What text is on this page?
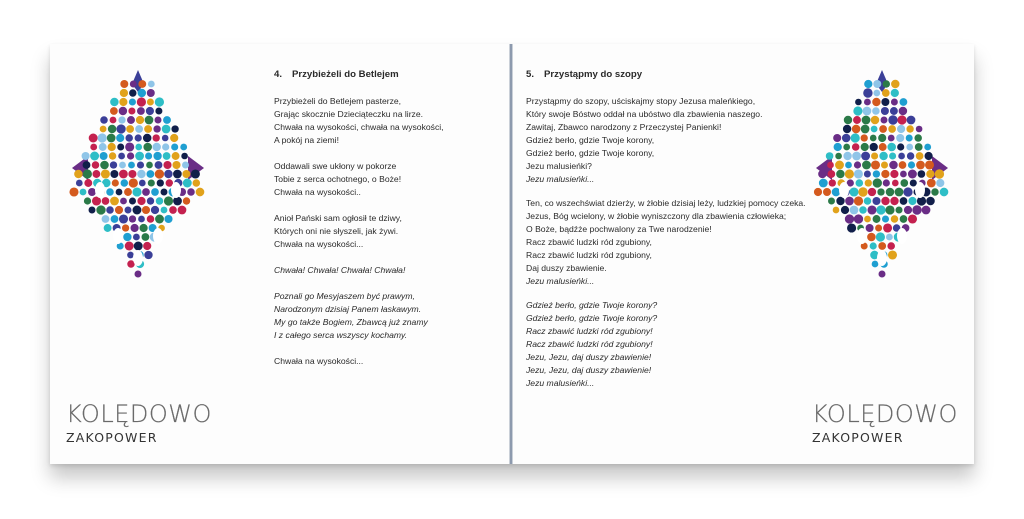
4. Przybieżeli do Betlejem
Przybieżeli do Betlejem pasterze,
Grając skocznie Dzieciąteczku na lirze.
Chwała na wysokości, chwała na wysokości,
A pokój na ziemi!
Oddawali swe ukłony w pokorze
Tobie z serca ochotnego, o Boże!
Chwała na wysokości..
Anioł Pański sam ogłosił te dziwy,
Których oni nie słyszeli, jak żywi.
Chwała na wysokości...
Chwała! Chwała! Chwała! Chwała!
Poznali go Mesyjaszem być prawym,
Narodzonym dzisiaj Panem łaskawym.
My go także Bogiem, Zbawcą już znamy
I z całego serca wszyscy kochamy.
Chwała na wysokości...
KOLĘDOWO
ZAKOPOWER
5. Przystąpmy do szopy
Przystąpmy do szopy, uściskajmy stopy Jezusa maleńkiego,
Który swoje Bóstwo oddał na ubóstwo dla zbawienia naszego.
Zawitaj, Zbawco narodzony z Przeczystej Panienki!
Gdzież berło, gdzie Twoje korony,
Gdzież berło, gdzie Twoje korony,
Jezu malusieńki?
Jezu malusieńki...
Ten, co wszechświat dzierży, w żłobie dzisiaj leży, ludzkiej pomocy czeka.
Jezus, Bóg wcielony, w żłobie wyniszczony dla zbawienia człowieka;
O Boże, bądźże pochwalony za Twe narodzenie!
Racz zbawić ludzki ród zgubiony,
Racz zbawić ludzki ród zgubiony,
Daj duszy zbawienie.
Jezu malusieńki...
Gdzież berło, gdzie Twoje korony?
Gdzież berło, gdzie Twoje korony?
Racz zbawić ludzki ród zgubiony!
Racz zbawić ludzki ród zgubiony!
Jezu, Jezu, daj duszy zbawienie!
Jezu, Jezu, daj duszy zbawienie!
Jezu malusieńki...
KOLĘDOWO
ZAKOPOWER
